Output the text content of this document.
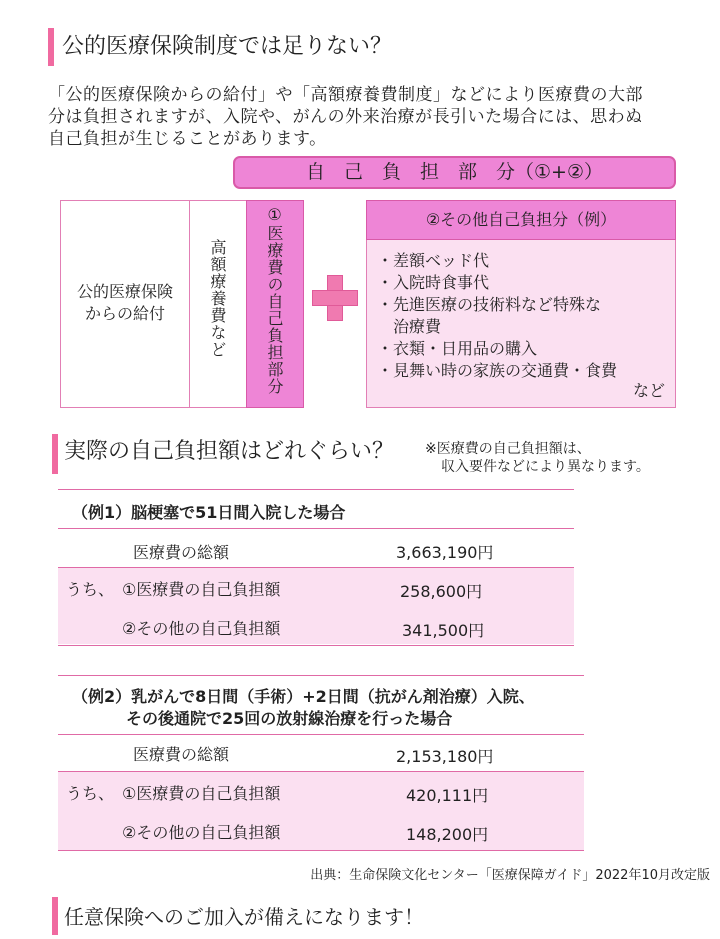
公的医療保険制度では足りない？
「公的医療保険からの給付」や「高額療養費制度」などにより医療費の大部
分は負担されますが、入院や、がんの外来治療が長引いた場合には、思わぬ
自己負担が生じることがあります。
自　己　負　担　部　分（①+②）
公的医療保険
からの給付	高額療養費など ①医療費の自己負担部分	②その他自己負担分（例）
・差額ベッド代
・入院時食事代
・先進医療の技術料など特殊な
　治療費
・衣類・日用品の購入
・見舞い時の家族の交通費・食費
など
実際の自己負担額はどれぐらい？ ※医療費の自己負担額は、
収入要件などにより異なります。
（例1）脳梗塞で51日間入院した場合
医療費の総額	3,663,190円
うち、 ①医療費の自己負担額	258,600円
②その他の自己負担額	341,500円
（例2）乳がんで8日間（手術）+2日間（抗がん剤治療）入院、
その後通院で25回の放射線治療を行った場合
医療費の総額	2,153,180円
うち、 ①医療費の自己負担額	420,111円
②その他の自己負担額	148,200円
出典：生命保険文化センター「医療保障ガイド」2022年10月改定版
任意保険へのご加入が備えになります！
